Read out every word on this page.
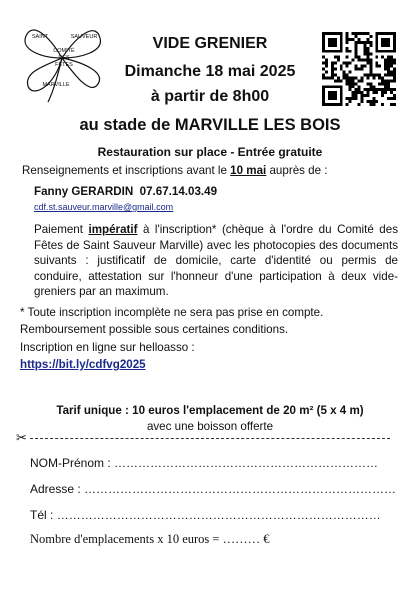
SAINT	SAUVEUR
COMITÉ
DES
FÊTES
MARVILLE
VIDE GRENIER
Dimanche 18 mai 2025
à partir de 8h00
au stade de MARVILLE LES BOIS
Restauration sur place - Entrée gratuite
Renseignements et inscriptions avant le 10 mai auprès de :
Fanny GERARDIN 07.67.14.03.49
cdf.st.sauveur.marville@gmail.com
Paiement impératif à l'inscription* (chèque à l'ordre du Comité des Fêtes de Saint Sauveur Marville) avec les photocopies des documents suivants : justificatif de domicile, carte d'identité ou permis de conduire, attestation sur l'honneur d'une participation à deux vide-greniers par an maximum.
* Toute inscription incomplète ne sera pas prise en compte.
Remboursement possible sous certaines conditions.
Inscription en ligne sur helloasso :
https://bit.ly/cdfvg2025
Tarif unique : 10 euros l'emplacement de 20 m² (5 x 4 m)
avec une boisson offerte
✂
NOM-Prénom : …………………………………………………………
Adresse : ……………………………………………………………………
Tél : ………………………………………………………………………
Nombre d'emplacements x 10 euros = ……… €
